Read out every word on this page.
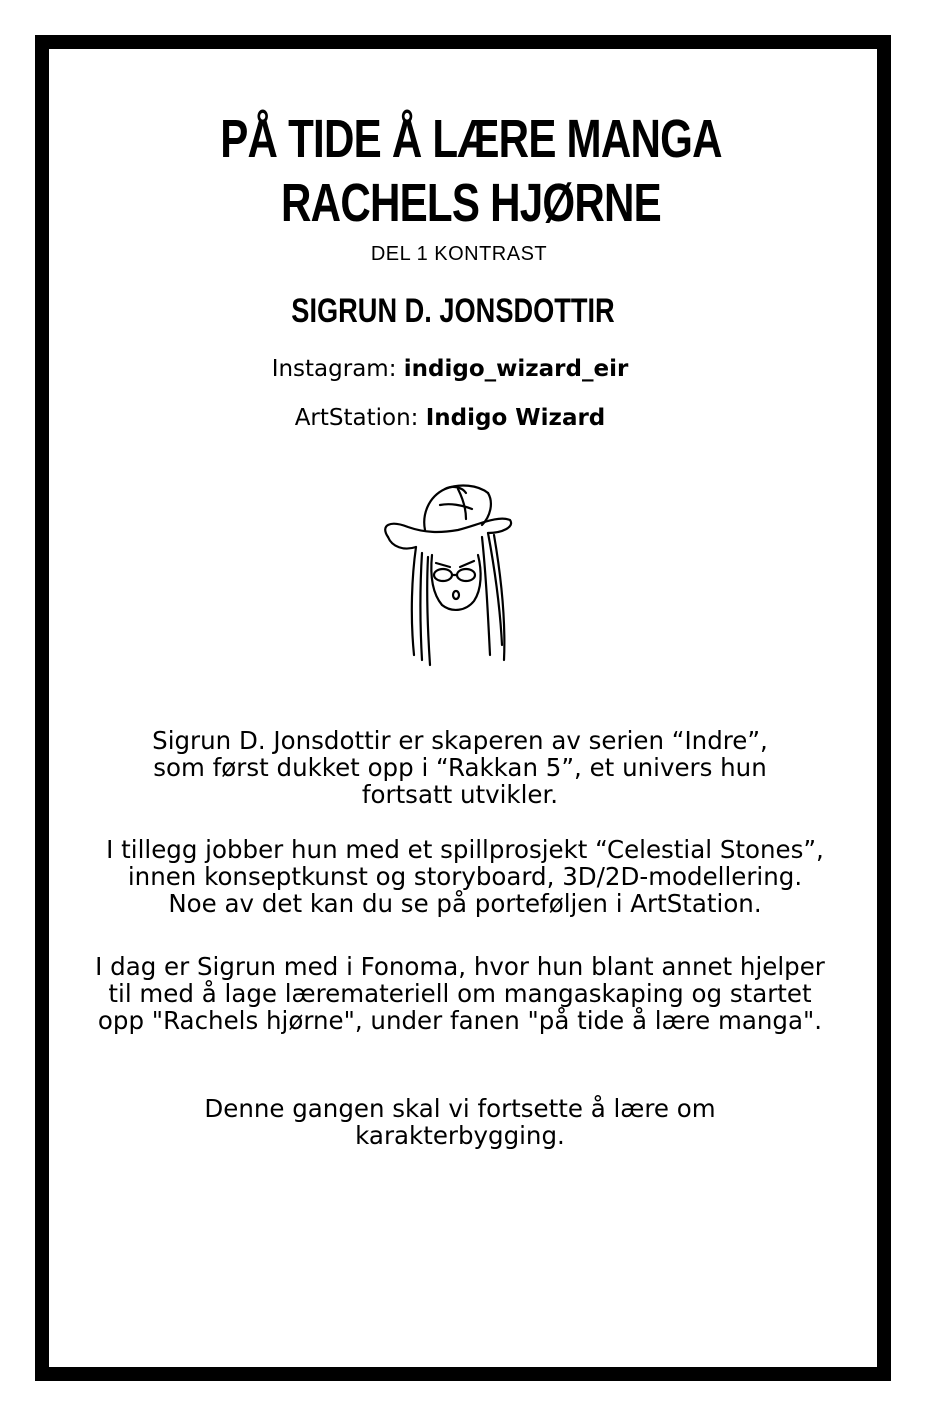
PÅ TIDE Å LÆRE MANGA
RACHELS HJØRNE
DEL 1 KONTRAST
SIGRUN D. JONSDOTTIR
Instagram: indigo_wizard_eir
ArtStation: Indigo Wizard
Sigrun D. Jonsdottir er skaperen av serien “Indre”,
som først dukket opp i “Rakkan 5”, et univers hun
fortsatt utvikler.
I tillegg jobber hun med et spillprosjekt “Celestial Stones”,
innen konseptkunst og storyboard, 3D/2D-modellering.
Noe av det kan du se på porteføljen i ArtStation.
I dag er Sigrun med i Fonoma, hvor hun blant annet hjelper
til med å lage læremateriell om mangaskaping og startet
opp "Rachels hjørne", under fanen "på tide å lære manga".
Denne gangen skal vi fortsette å lære om
karakterbygging.
